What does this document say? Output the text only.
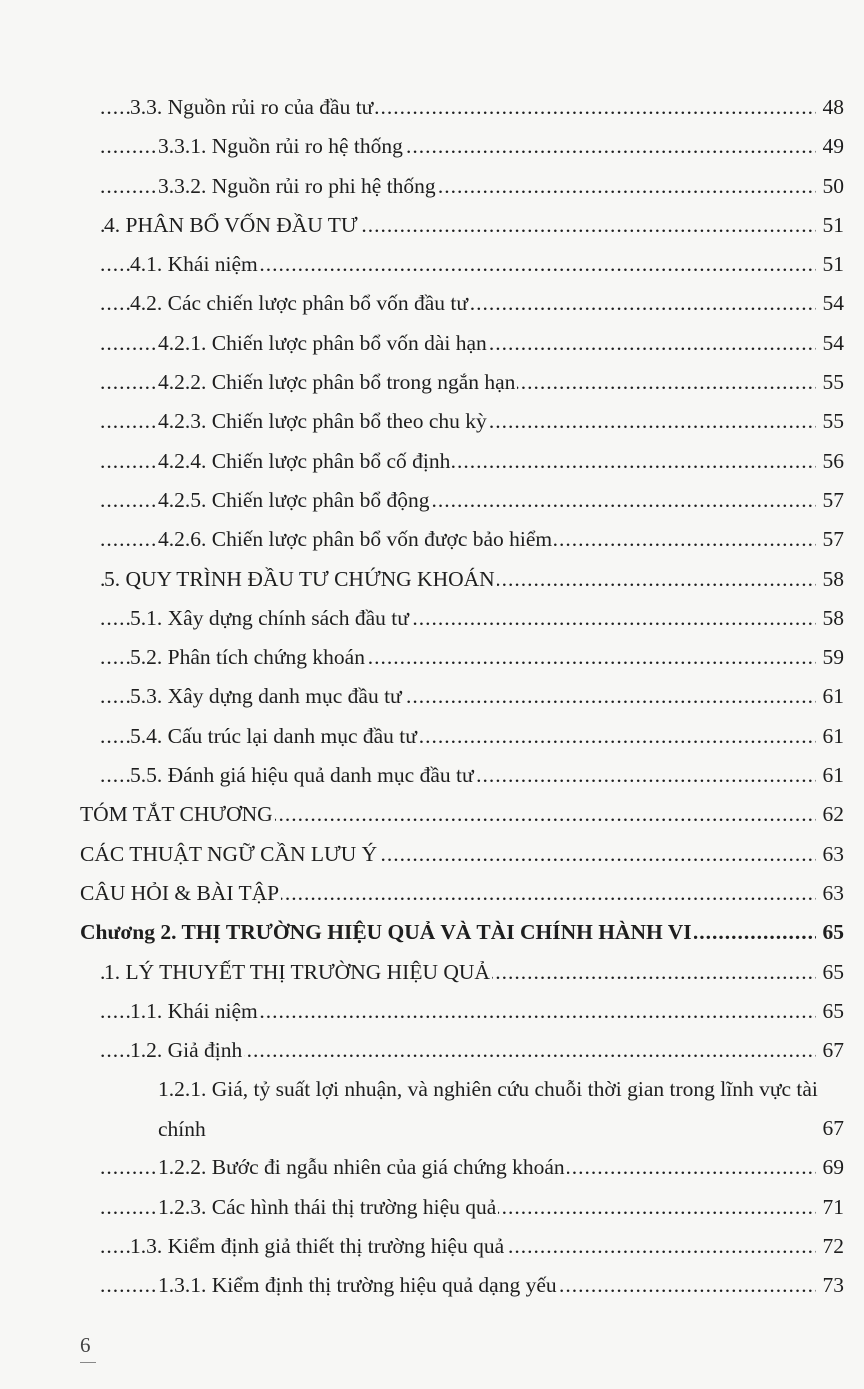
.....
3.3. Nguồn rủi ro của đầu tư	48
.....
3.3.1. Nguồn rủi ro hệ thống	49
.....
3.3.2. Nguồn rủi ro phi hệ thống	50
.....
4. PHÂN BỔ VỐN ĐẦU TƯ	51
.....
4.1. Khái niệm	51
.....
4.2. Các chiến lược phân bổ vốn đầu tư	54
.....
4.2.1. Chiến lược phân bổ vốn dài hạn	54
.....
4.2.2. Chiến lược phân bổ trong ngắn hạn	55
.....
4.2.3. Chiến lược phân bổ theo chu kỳ	55
.....
4.2.4. Chiến lược phân bổ cố định	56
.....
4.2.5. Chiến lược phân bổ động	57
.....
4.2.6. Chiến lược phân bổ vốn được bảo hiểm	57
.....
5. QUY TRÌNH ĐẦU TƯ CHỨNG KHOÁN	58
.....
5.1. Xây dựng chính sách đầu tư	58
.....
5.2. Phân tích chứng khoán	59
.....
5.3. Xây dựng danh mục đầu tư	61
.....
5.4. Cấu trúc lại danh mục đầu tư	61
.....
5.5. Đánh giá hiệu quả danh mục đầu tư	61
.....
TÓM TẮT CHƯƠNG	62
.....
CÁC THUẬT NGỮ CẦN LƯU Ý	63
.....
CÂU HỎI & BÀI TẬP	63
.....
Chương 2. THỊ TRƯỜNG HIỆU QUẢ VÀ TÀI CHÍNH HÀNH VI	65
.....
1. LÝ THUYẾT THỊ TRƯỜNG HIỆU QUẢ	65
.....
1.1. Khái niệm	65
.....
1.2. Giả định	67
.....
1.2.1. Giá, tỷ suất lợi nhuận, và nghiên cứu chuỗi thời gian trong lĩnh vực tài chính	67
.....
1.2.2. Bước đi ngẫu nhiên của giá chứng khoán	69
.....
1.2.3. Các hình thái thị trường hiệu quả	71
.....
1.3. Kiểm định giả thiết thị trường hiệu quả	72
.....
1.3.1. Kiểm định thị trường hiệu quả dạng yếu	73
6
